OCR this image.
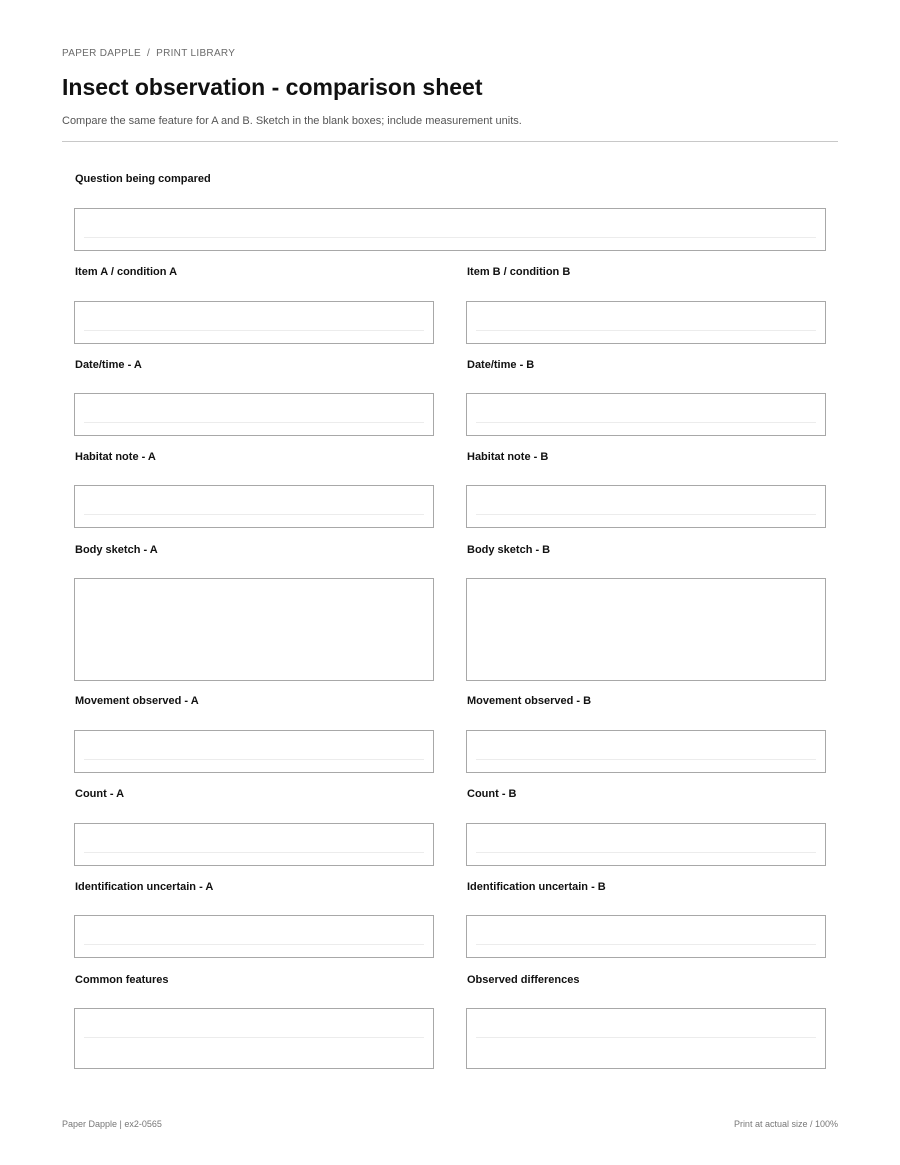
PAPER DAPPLE / PRINT LIBRARY
Insect observation - comparison sheet
Compare the same feature for A and B. Sketch in the blank boxes; include measurement units.
Question being compared
Item A / condition A	Item B / condition B
Date/time - A	Date/time - B
Habitat note - A	Habitat note - B
Body sketch - A	Body sketch - B
Movement observed - A	Movement observed - B
Count - A	Count - B
Identification uncertain - A	Identification uncertain - B
Common features	Observed differences
Paper Dapple | ex2-0565	Print at actual size / 100%
